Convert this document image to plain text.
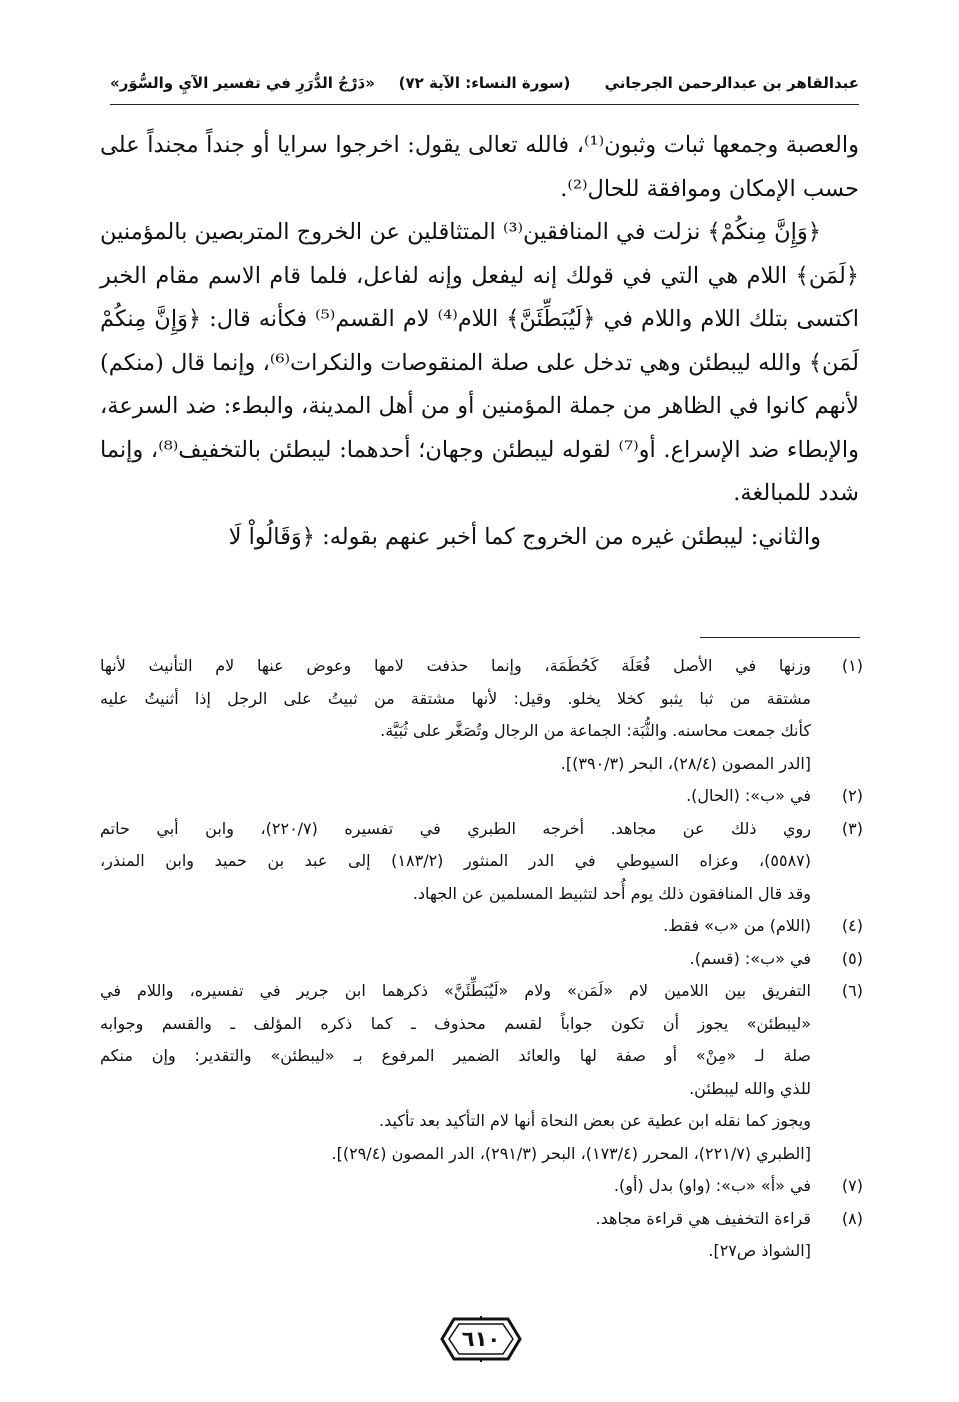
عبدالقاهر بن عبدالرحمن الجرجاني
(سورة النساء: الآية ٧٢)
«دَرْجُ الدُّرَرِ في تفسير الآيِ والسُّوَر»

والعصبة وجمعها ثبات وثبون⁽¹⁾، فالله تعالى يقول: اخرجوا سرايا أو جنداً مجنداً على حسب الإمكان وموافقة للحال⁽²⁾.

﴿وَإِنَّ مِنكُمْ﴾ نزلت في المنافقين⁽³⁾ المتثاقلين عن الخروج المتربصين بالمؤمنين ﴿لَمَن﴾ اللام هي التي في قولك إنه ليفعل وإنه لفاعل، فلما قام الاسم مقام الخبر اكتسى بتلك اللام واللام في ﴿لَيُبَطِّئَنَّ﴾ اللام⁽⁴⁾ لام القسم⁽⁵⁾ فكأنه قال: ﴿وَإِنَّ مِنكُمْ لَمَن﴾ والله ليبطئن وهي تدخل على صلة المنقوصات والنكرات⁽⁶⁾، وإنما قال (منكم) لأنهم كانوا في الظاهر من جملة المؤمنين أو من أهل المدينة، والبطء: ضد السرعة، والإبطاء ضد الإسراع. أو⁽⁷⁾ لقوله ليبطئن وجهان؛ أحدهما: ليبطئن بالتخفيف⁽⁸⁾، وإنما شدد للمبالغة.

والثاني: ليبطئن غيره من الخروج كما أخبر عنهم بقوله: ﴿وَقَالُواْ لَا

(١)
وزنها في الأصل فُعَلَة كَحُطَمَة، وإنما حذفت لامها وعوض عنها لام التأنيث لأنها
مشتقة من ثبا يثبو كخلا يخلو. وقيل: لأنها مشتقة من ثبيتُ على الرجل إذا أثنيتُ عليه
كأنك جمعت محاسنه. والثُّبَة: الجماعة من الرجال وتُصَغَّر على ثُبَيَّة.
[الدر المصون (٢٨/٤)، البحر (٣٩٠/٣)].
(٢)
في «ب»: (الحال).
(٣)
روي ذلك عن مجاهد. أخرجه الطبري في تفسيره (٢٢٠/٧)، وابن أبي حاتم
(٥٥٨٧)، وعزاه السيوطي في الدر المنثور (١٨٣/٢) إلى عبد بن حميد وابن المنذر،
وقد قال المنافقون ذلك يوم أُحد لتثبيط المسلمين عن الجهاد.
(٤)
(اللام) من «ب» فقط.
(٥)
في «ب»: (قسم).
(٦)
التفريق بين اللامين لام «لَمَن» ولام «لَيُبَطِّئَنَّ» ذكرهما ابن جرير في تفسيره، واللام في
«ليبطئن» يجوز أن تكون جواباً لقسم محذوف ـ كما ذكره المؤلف ـ والقسم وجوابه
صلة لـ «مِنْ» أو صفة لها والعائد الضمير المرفوع بـ «ليبطئن» والتقدير: وإن منكم
للذي والله ليبطئن.
ويجوز كما نقله ابن عطية عن بعض النحاة أنها لام التأكيد بعد تأكيد.
[الطبري (٢٢١/٧)، المحرر (١٧٣/٤)، البحر (٢٩١/٣)، الدر المصون (٢٩/٤)].
(٧)
في «أ» «ب»: (واو) بدل (أو).
(٨)
قراءة التخفيف هي قراءة مجاهد.
[الشواذ ص٢٧].
٦١٠
